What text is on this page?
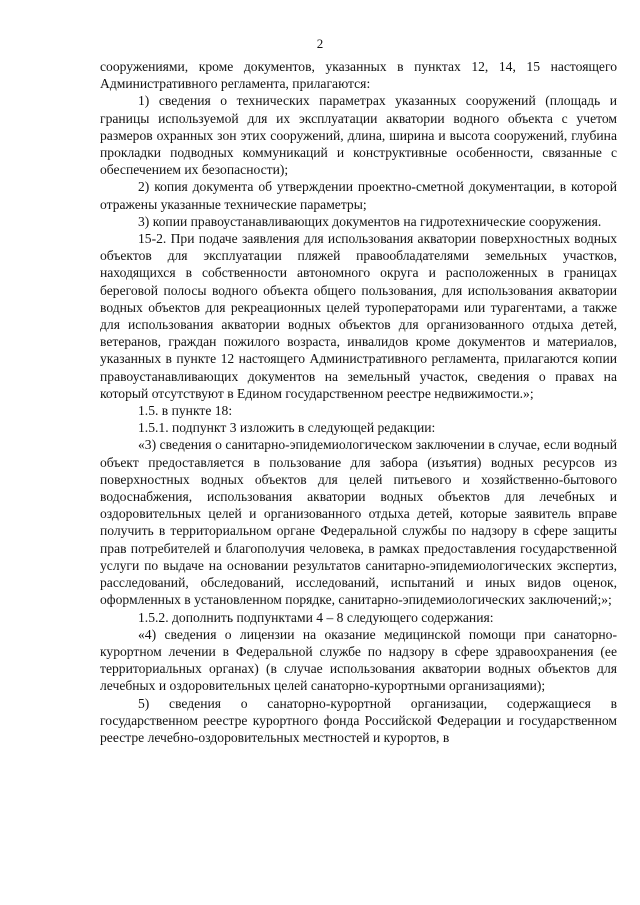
2

сооружениями, кроме документов, указанных в пунктах 12, 14, 15 настоящего Административного регламента, прилагаются:

1) сведения о технических параметрах указанных сооружений (площадь и границы используемой для их эксплуатации акватории водного объекта с учетом размеров охранных зон этих сооружений, длина, ширина и высота сооружений, глубина прокладки подводных коммуникаций и конструктивные особенности, связанные с обеспечением их безопасности);

2) копия документа об утверждении проектно-сметной документации, в которой отражены указанные технические параметры;

3) копии правоустанавливающих документов на гидротехнические сооружения.

15-2. При подаче заявления для использования акватории поверхностных водных объектов для эксплуатации пляжей правообладателями земельных участков, находящихся в собственности автономного округа и расположенных в границах береговой полосы водного объекта общего пользования, для использования акватории водных объектов для рекреационных целей туроператорами или турагентами, а также для использования акватории водных объектов для организованного отдыха детей, ветеранов, граждан пожилого возраста, инвалидов кроме документов и материалов, указанных в пункте 12 настоящего Административного регламента, прилагаются копии правоустанавливающих документов на земельный участок, сведения о правах на который отсутствуют в Едином государственном реестре недвижимости.»;

1.5. в пункте 18:

1.5.1. подпункт 3 изложить в следующей редакции:

«3) сведения о санитарно-эпидемиологическом заключении в случае, если водный объект предоставляется в пользование для забора (изъятия) водных ресурсов из поверхностных водных объектов для целей питьевого и хозяйственно-бытового водоснабжения, использования акватории водных объектов для лечебных и оздоровительных целей и организованного отдыха детей, которые заявитель вправе получить в территориальном органе Федеральной службы по надзору в сфере защиты прав потребителей и благополучия человека, в рамках предоставления государственной услуги по выдаче на основании результатов санитарно-эпидемиологических экспертиз, расследований, обследований, исследований, испытаний и иных видов оценок, оформленных в установленном порядке, санитарно-эпидемиологических заключений;»;

1.5.2. дополнить подпунктами 4 – 8 следующего содержания:

«4) сведения о лицензии на оказание медицинской помощи при санаторно-курортном лечении в Федеральной службе по надзору в сфере здравоохранения (ее территориальных органах) (в случае использования акватории водных объектов для лечебных и оздоровительных целей санаторно-курортными организациями);

5) сведения о санаторно-курортной организации, содержащиеся в государственном реестре курортного фонда Российской Федерации и государственном реестре лечебно-оздоровительных местностей и курортов, в
